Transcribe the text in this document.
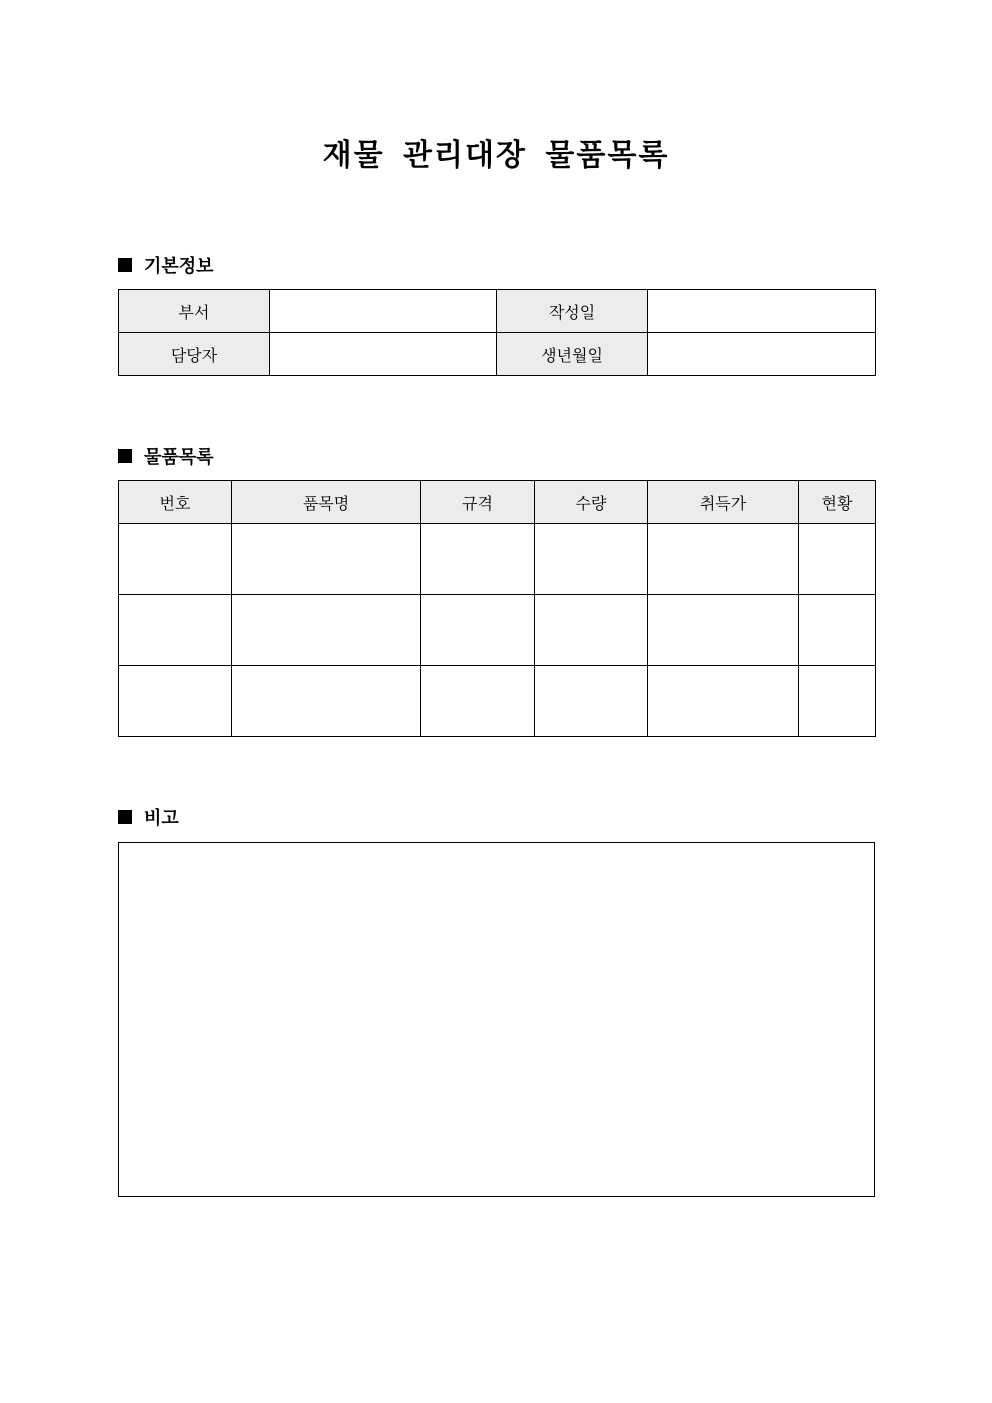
재물 관리대장 물품목록
기본정보
부서		작성일	
담당자		생년월일	
물품목록
번호	품목명	규격	수량	취득가	현황

비고
